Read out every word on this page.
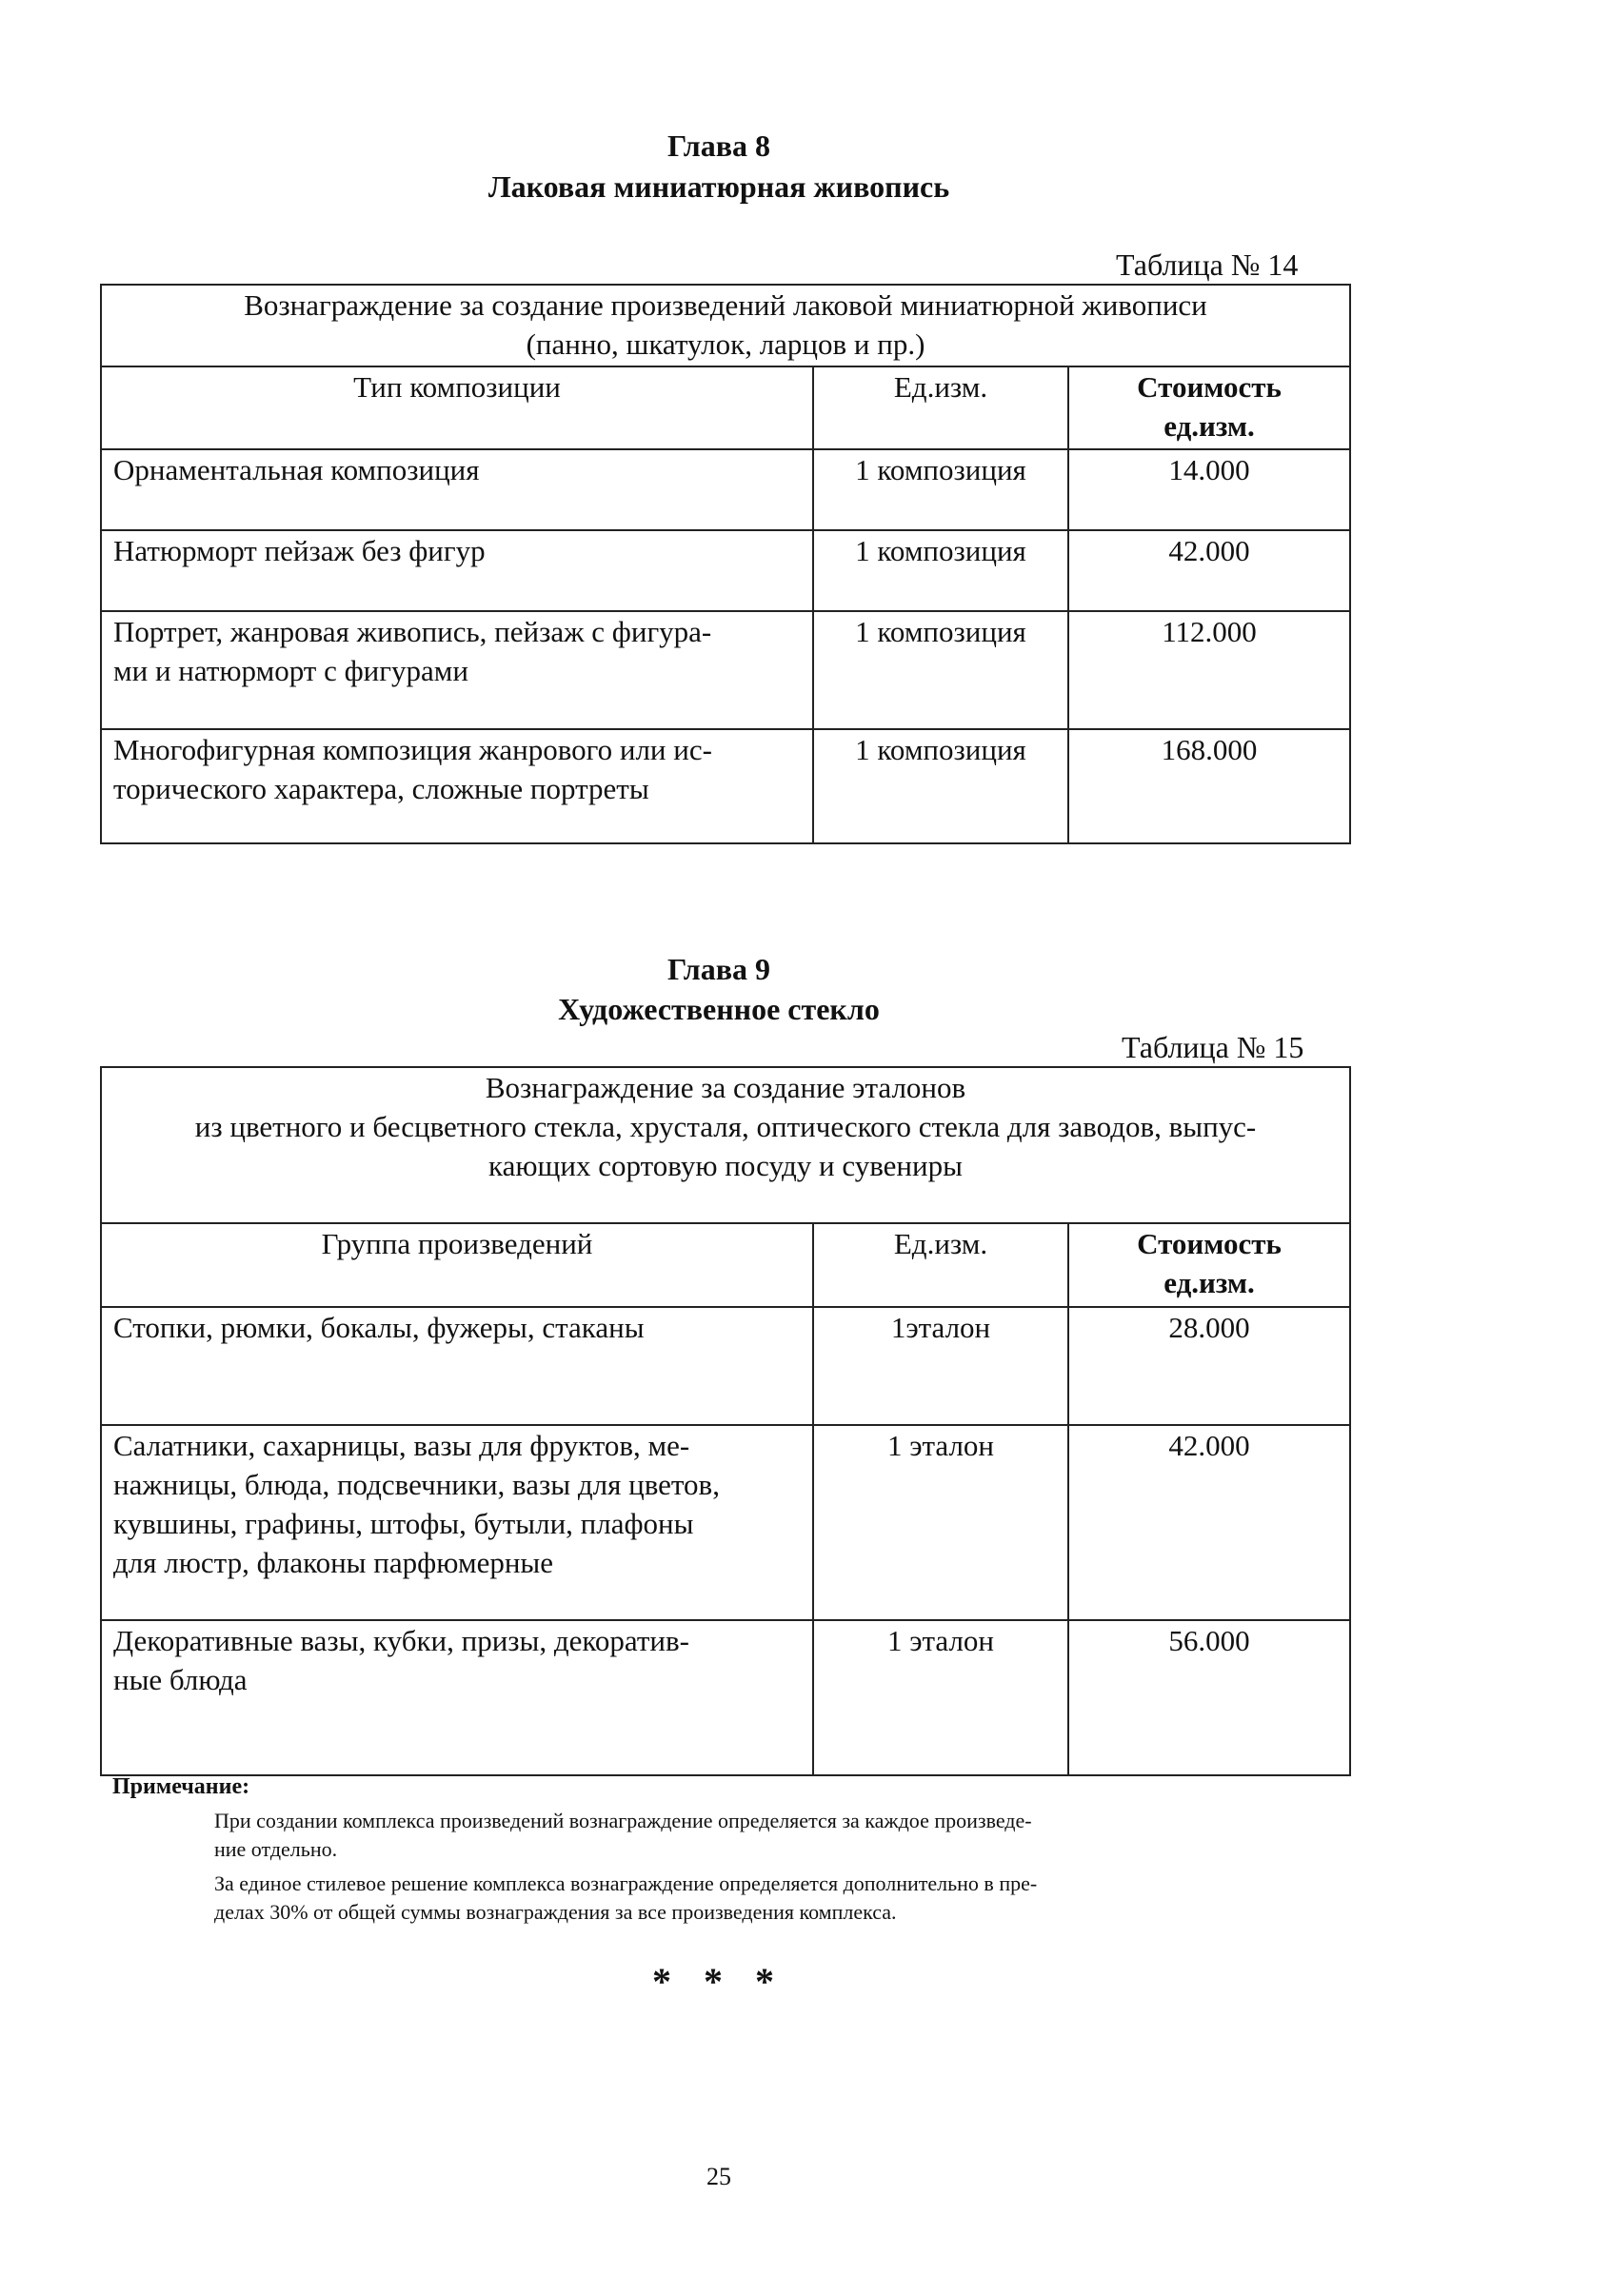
Глава 8
Лаковая миниатюрная живопись
Таблица № 14
Вознаграждение за создание произведений лаковой миниатюрной живописи
(панно, шкатулок, ларцов и пр.)		

Тип композиции	Ед.изм.	Стоимость
ед.изм.

Орнаментальная композиция	1 композиция	14.000
Натюрморт пейзаж без фигур	1 композиция	42.000

Портрет, жанровая живопись, пейзаж с фигура-
ми и натюрморт с фигурами	1 композиция	112.000

Многофигурная композиция жанрового или ис-
торического характера, сложные портреты	1 композиция	168.000
Глава 9
Художественное стекло
Таблица № 15
Вознаграждение за создание эталонов
из цветного и бесцветного стекла, хрусталя, оптического стекла для заводов, выпус-
кающих сортовую посуду и сувениры		

Группа произведений	Ед.изм.	Стоимость
ед.изм.

Стопки, рюмки, бокалы, фужеры, стаканы	1эталон	28.000

Салатники, сахарницы, вазы для фруктов, ме-
нажницы, блюда, подсвечники, вазы для цветов,
кувшины, графины, штофы, бутыли, плафоны
для люстр, флаконы парфюмерные	1 эталон	42.000

Декоративные вазы, кубки, призы, декоратив-
ные блюда	1 эталон	56.000
Примечание:
При создании комплекса произведений вознаграждение определяется за каждое произведе-
ние отдельно.
За единое стилевое решение комплекса вознаграждение определяется дополнительно в пре-
делах 30% от общей суммы вознаграждения за все произведения комплекса.
* * *
25
